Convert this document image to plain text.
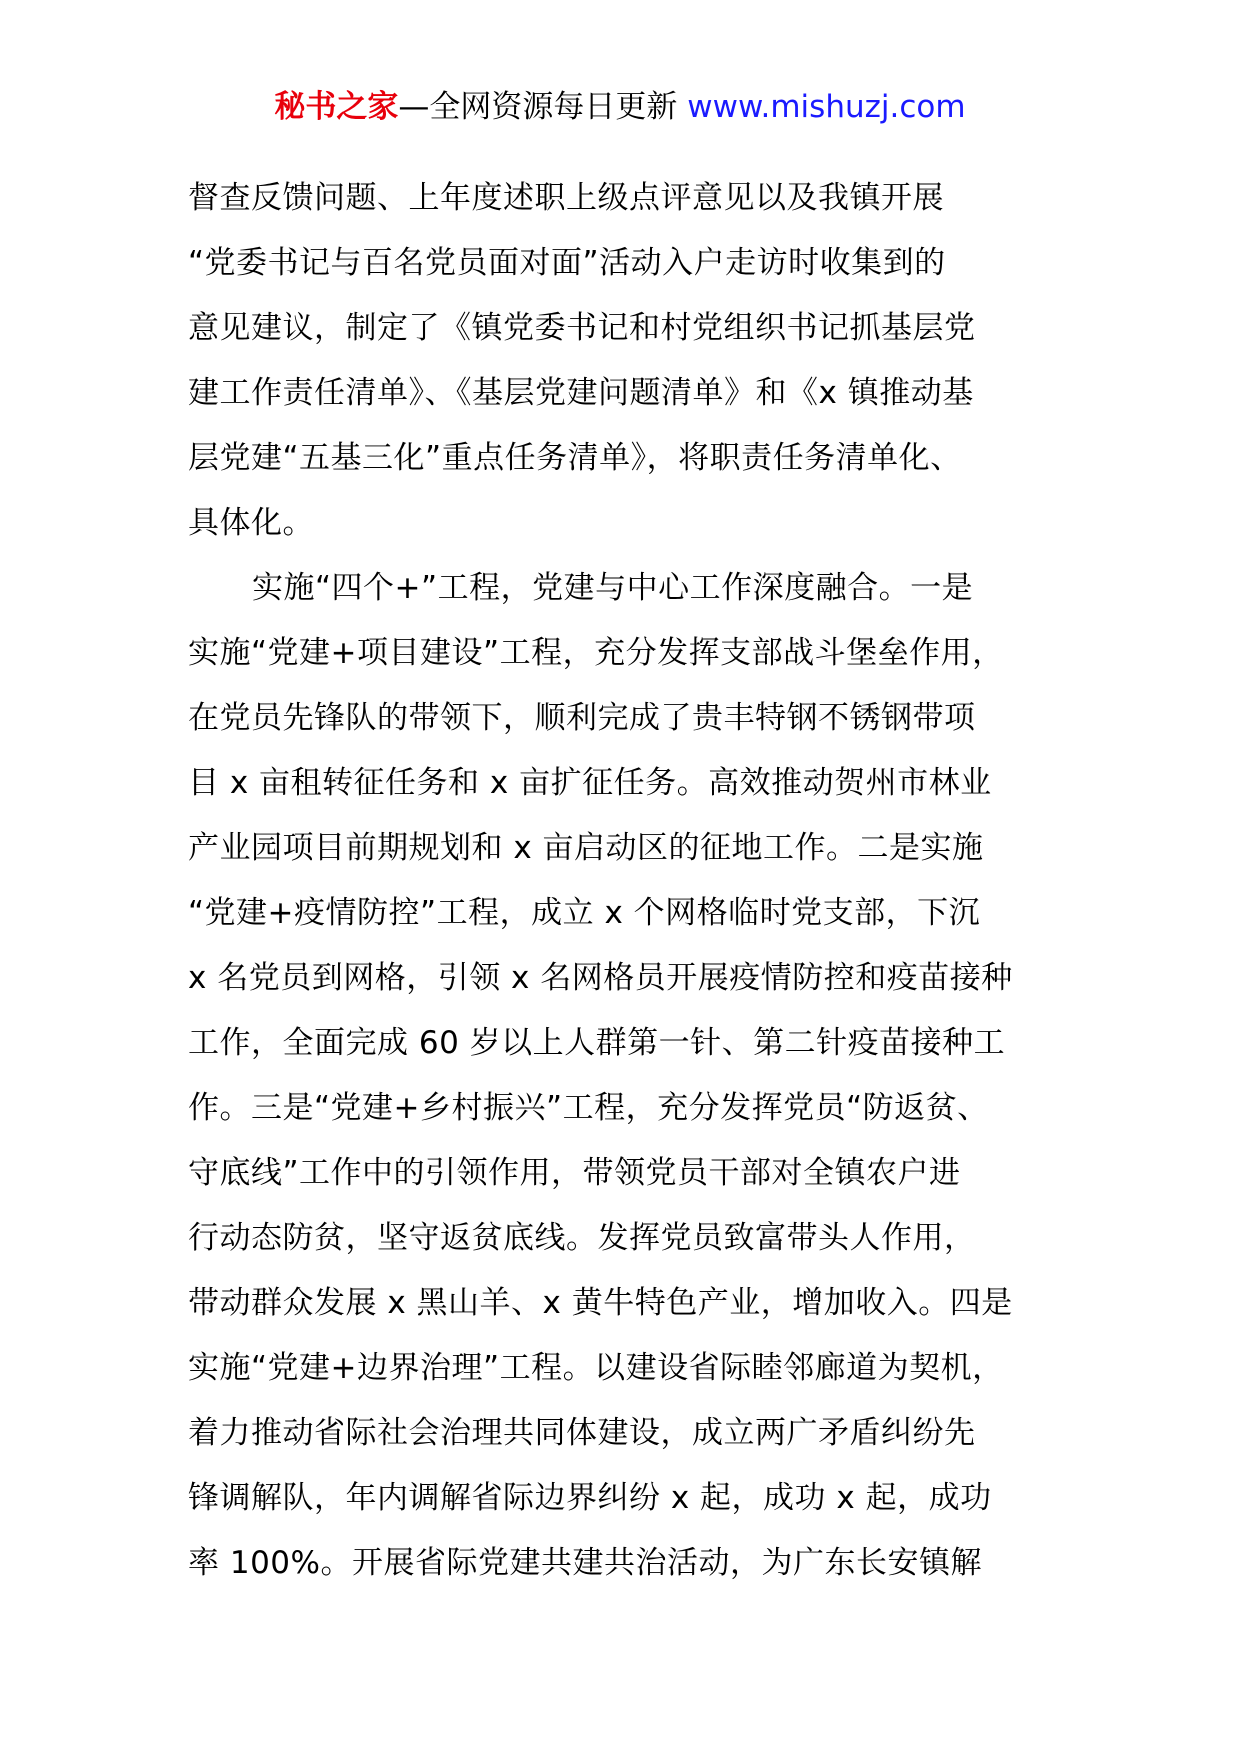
秘书之家—全网资源每日更新 www.mishuzj.com
督查反馈问题、上年度述职上级点评意见以及我镇开展
“党委书记与百名党员面对面”活动入户走访时收集到的
意见建议，制定了《镇党委书记和村党组织书记抓基层党
建工作责任清单》、《基层党建问题清单》和《x 镇推动基
层党建“五基三化”重点任务清单》，将职责任务清单化、
具体化。
实施“四个+”工程，党建与中心工作深度融合。一是
实施“党建+项目建设”工程，充分发挥支部战斗堡垒作用，
在党员先锋队的带领下，顺利完成了贵丰特钢不锈钢带项
目 x 亩租转征任务和 x 亩扩征任务。高效推动贺州市林业
产业园项目前期规划和 x 亩启动区的征地工作。二是实施
“党建+疫情防控”工程，成立 x 个网格临时党支部，下沉
x 名党员到网格，引领 x 名网格员开展疫情防控和疫苗接种
工作，全面完成 60 岁以上人群第一针、第二针疫苗接种工
作。三是“党建+乡村振兴”工程，充分发挥党员“防返贫、
守底线”工作中的引领作用，带领党员干部对全镇农户进
行动态防贫，坚守返贫底线。发挥党员致富带头人作用，
带动群众发展 x 黑山羊、x 黄牛特色产业，增加收入。四是
实施“党建+边界治理”工程。以建设省际睦邻廊道为契机，
着力推动省际社会治理共同体建设，成立两广矛盾纠纷先
锋调解队，年内调解省际边界纠纷 x 起，成功 x 起，成功
率 100%。开展省际党建共建共治活动，为广东长安镇解
